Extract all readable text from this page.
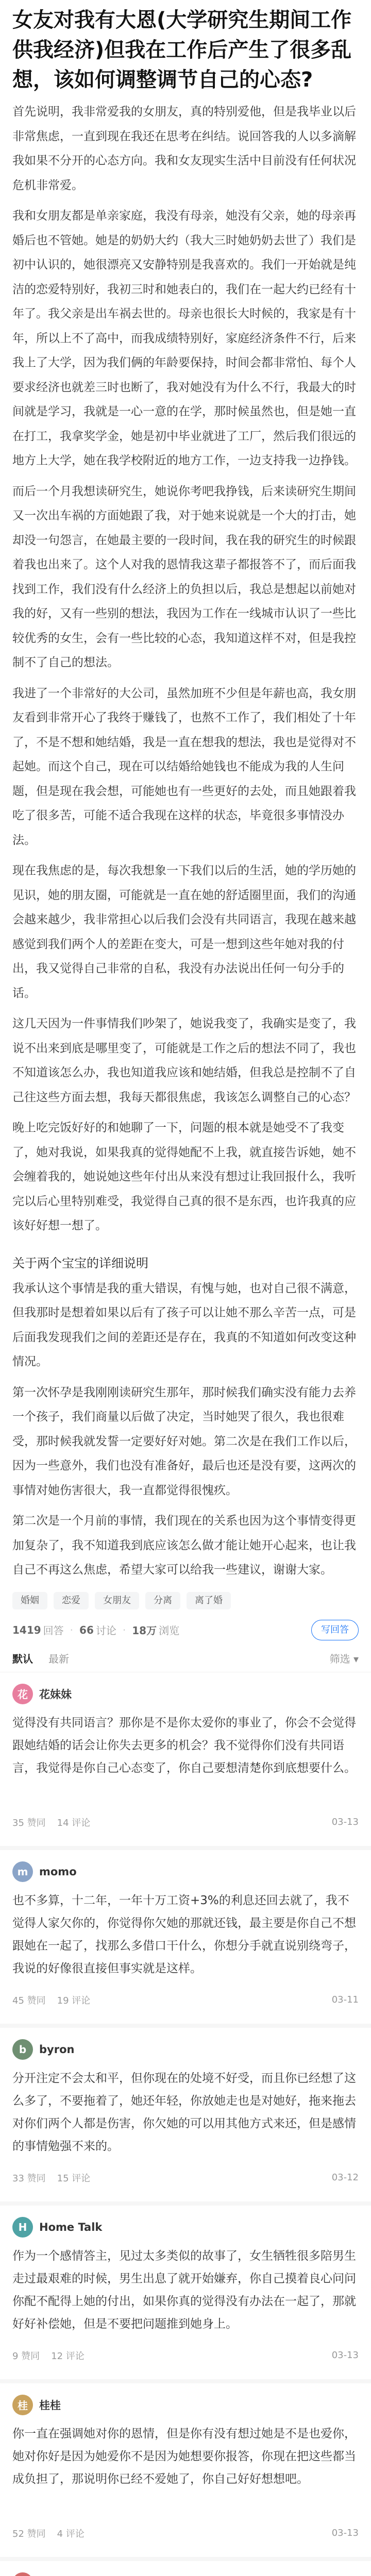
女友对我有大恩(大学研究生期间工作供我经济)但我在工作后产生了很多乱想，该如何调整调节自己的心态?

首先说明，我非常爱我的女朋友，真的特别爱他，但是我毕业以后非常焦虑，一直到现在我还在思考在纠结。说回答我的人以多滴解我如果不分开的心态方向。我和女友现实生活中目前没有任何状况危机非常爱。

我和女朋友都是单亲家庭，我没有母亲，她没有父亲，她的母亲再婚后也不管她。她是的奶奶大约（我大三时她奶奶去世了）我们是初中认识的，她很漂亮又安静特别是我喜欢的。我们一开始就是纯洁的恋爱特别好，我初三时和她表白的，我们在一起大约已经有十年了。我父亲是出车祸去世的。母亲也很长大时候的，我家是有十年，所以上不了高中，而我成绩特别好，家庭经济条件不行，后来我上了大学，因为我们俩的年龄要保持，时间会都非常怕、每个人要求经济也就差三时也断了，我对她没有为什么不行，我最大的时间就是学习，我就是一心一意的在学，那时候虽然也，但是她一直在打工，我拿奖学金，她是初中毕业就进了工厂，然后我们很远的地方上大学，她在我学校附近的地方工作，一边支持我一边挣钱。

而后一个月我想读研究生，她说你考吧我挣钱，后来读研究生期间又一次出车祸的方面她跟了我，对于她来说就是一个大的打击，她却没一句怨言，在她最主要的一段时间，我在我的研究生的时候跟着我也出来了。这个人对我的恩情我这辈子都报答不了，而后面我找到工作，我们没有什么经济上的负担以后，我总是想起以前她对我的好，又有一些别的想法，我因为工作在一线城市认识了一些比较优秀的女生，会有一些比较的心态，我知道这样不对，但是我控制不了自己的想法。

我进了一个非常好的大公司，虽然加班不少但是年薪也高，我女朋友看到非常开心了我终于赚钱了，也熬不工作了，我们相处了十年了，不是不想和她结婚，我是一直在想我的想法，我也是觉得对不起她。而这个自己，现在可以结婚给她钱也不能成为我的人生问题，但是现在我会想，可能她也有一些更好的去处，而且她跟着我吃了很多苦，可能不适合我现在这样的状态，毕竟很多事情没办法。

现在我焦虑的是，每次我想象一下我们以后的生活，她的学历她的见识，她的朋友圈，可能就是一直在她的舒适圈里面，我们的沟通会越来越少，我非常担心以后我们会没有共同语言，我现在越来越感觉到我们两个人的差距在变大，可是一想到这些年她对我的付出，我又觉得自己非常的自私，我没有办法说出任何一句分手的话。

这几天因为一件事情我们吵架了，她说我变了，我确实是变了，我说不出来到底是哪里变了，可能就是工作之后的想法不同了，我也不知道该怎么办，我也知道我应该和她结婚，但我总是控制不了自己往这些方面去想，我每天都很焦虑，我该怎么调整自己的心态？

晚上吃完饭好好的和她聊了一下，问题的根本就是她受不了我变了，她对我说，如果我真的觉得她配不上我，就直接告诉她，她不会缠着我的，她说她这些年付出从来没有想过让我回报什么，我听完以后心里特别难受，我觉得自己真的很不是东西，也许我真的应该好好想一想了。

关于两个宝宝的详细说明

我承认这个事情是我的重大错误，有愧与她，也对自己很不满意，但我那时是想着如果以后有了孩子可以让她不那么辛苦一点，可是后面我发现我们之间的差距还是存在，我真的不知道如何改变这种情况。

第一次怀孕是我刚刚读研究生那年，那时候我们确实没有能力去养一个孩子，我们商量以后做了决定，当时她哭了很久，我也很难受，那时候我就发誓一定要好好对她。第二次是在我们工作以后，因为一些意外，我们也没有准备好，最后也还是没有要，这两次的事情对她伤害很大，我一直都觉得很愧疚。

第二次是一个月前的事情，我们现在的关系也因为这个事情变得更加复杂了，我不知道我到底应该怎么做才能让她开心起来，也让我自己不再这么焦虑，希望大家可以给我一些建议，谢谢大家。

婚姻	恋爱	女朋友	分离	离了婚
1419 回答 · 66 讨论 · 18万 浏览	写回答
默认 最新	筛选 ▾
花	花妹妹

觉得没有共同语言？那你是不是你太爱你的事业了，你会不会觉得跟她结婚的话会让你失去更多的机会？我不觉得你们没有共同语言，我觉得是你自己心态变了，你自己要想清楚你到底想要什么。

35 赞同 14 评论	03-13
m	momo

也不多算，十二年，一年十万工资+3%的利息还回去就了，我不觉得人家欠你的，你觉得你欠她的那就还钱，最主要是你自己不想跟她在一起了，找那么多借口干什么，你想分手就直说别绕弯子，我说的好像很直接但事实就是这样。

45 赞同 19 评论	03-11
b	byron

分开注定不会太和平，但你现在的处境不好受，而且你已经想了这么多了，不要拖着了，她还年轻，你放她走也是对她好，拖来拖去对你们两个人都是伤害，你欠她的可以用其他方式来还，但是感情的事情勉强不来的。

33 赞同 15 评论	03-12
H	Home Talk

作为一个感情答主，见过太多类似的故事了，女生牺牲很多陪男生走过最艰难的时候，男生出息了就开始嫌弃，你自己摸着良心问问你配不配得上她的付出，如果你真的觉得没有办法在一起了，那就好好补偿她，但是不要把问题推到她身上。

9 赞同 12 评论	03-13
桂	桂桂

你一直在强调她对你的恩情，但是你有没有想过她是不是也爱你，她对你好是因为她爱你不是因为她想要你报答，你现在把这些都当成负担了，那说明你已经不爱她了，你自己好好想想吧。

52 赞同 4 评论	03-13
